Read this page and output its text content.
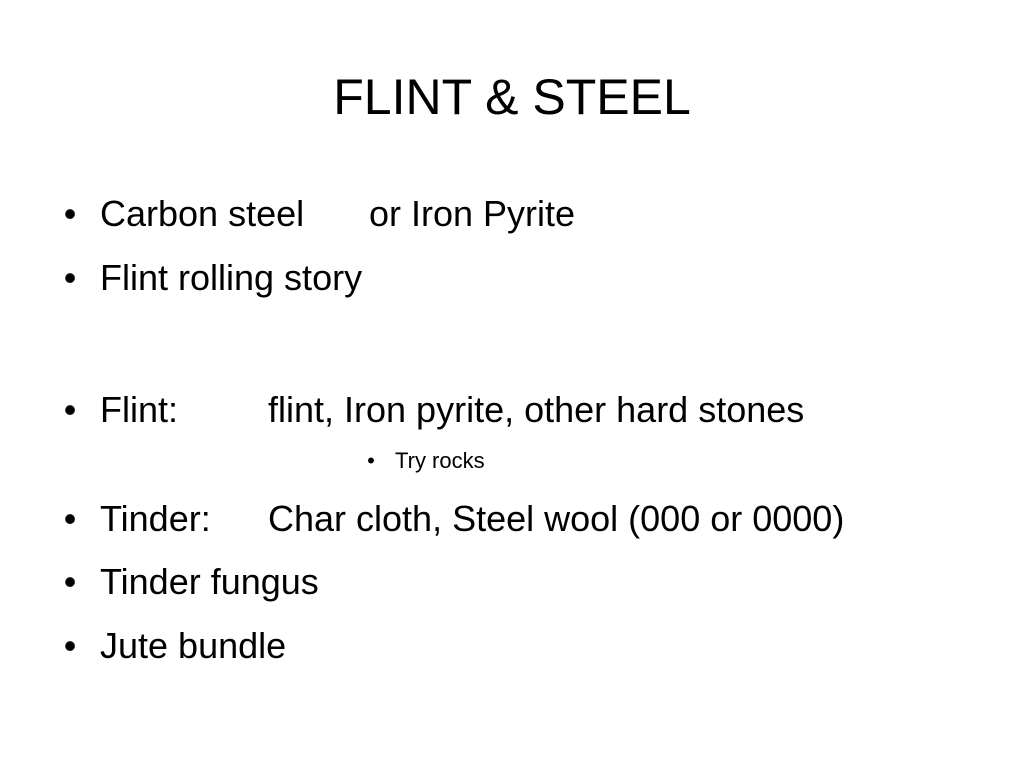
FLINT & STEEL
• Carbon steel or Iron Pyrite
• Flint rolling story
• Flint: flint, Iron pyrite, other hard stones
• Try rocks
• Tinder: Char cloth, Steel wool (000 or 0000)
• Tinder fungus
• Jute bundle
